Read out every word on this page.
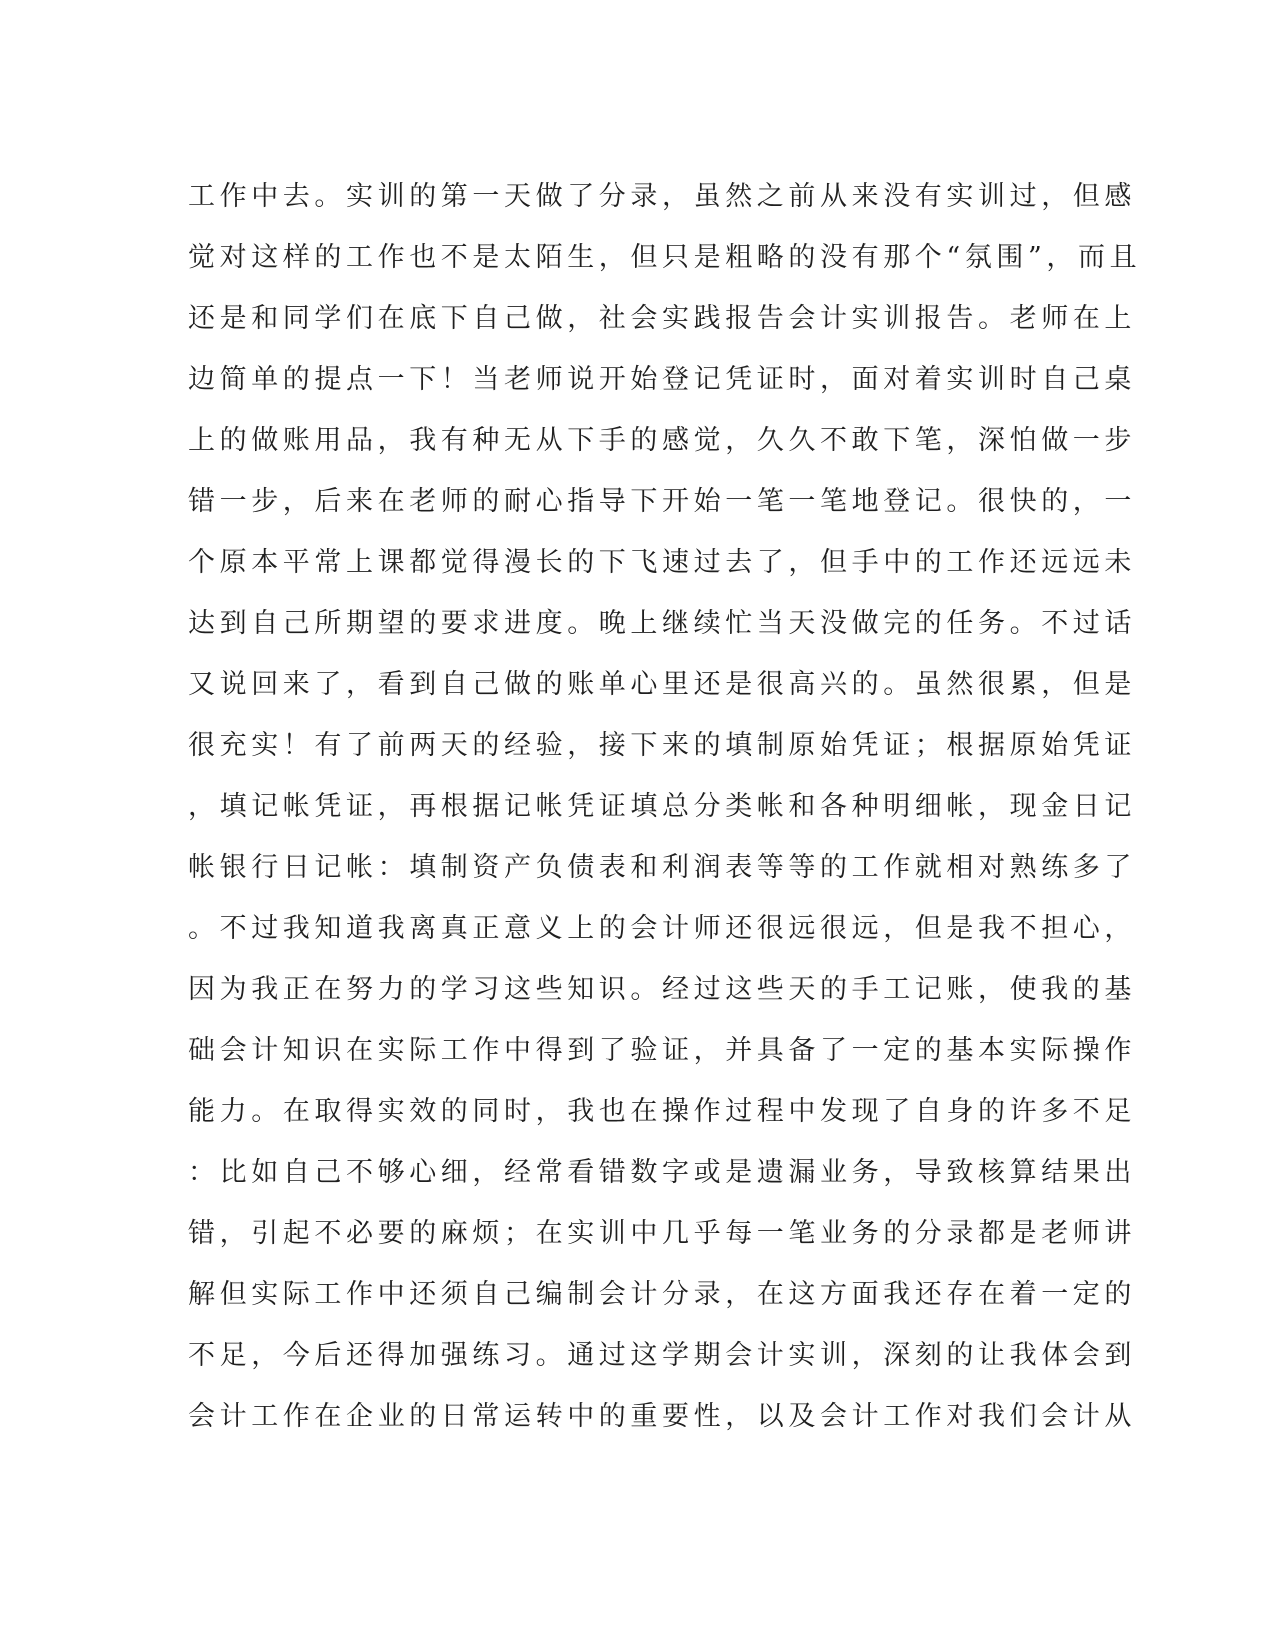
工作中去。实训的第一天做了分录，虽然之前从来没有实训过，但感
觉对这样的工作也不是太陌生，但只是粗略的没有那个“氛围”，而且
还是和同学们在底下自己做，社会实践报告会计实训报告。老师在上
边简单的提点一下！当老师说开始登记凭证时，面对着实训时自己桌
上的做账用品，我有种无从下手的感觉，久久不敢下笔，深怕做一步
错一步，后来在老师的耐心指导下开始一笔一笔地登记。很快的，一
个原本平常上课都觉得漫长的下飞速过去了，但手中的工作还远远未
达到自己所期望的要求进度。晚上继续忙当天没做完的任务。不过话
又说回来了，看到自己做的账单心里还是很高兴的。虽然很累，但是
很充实！有了前两天的经验，接下来的填制原始凭证；根据原始凭证
，填记帐凭证，再根据记帐凭证填总分类帐和各种明细帐，现金日记
帐银行日记帐：填制资产负债表和利润表等等的工作就相对熟练多了
。不过我知道我离真正意义上的会计师还很远很远，但是我不担心，
因为我正在努力的学习这些知识。经过这些天的手工记账，使我的基
础会计知识在实际工作中得到了验证，并具备了一定的基本实际操作
能力。在取得实效的同时，我也在操作过程中发现了自身的许多不足
：比如自己不够心细，经常看错数字或是遗漏业务，导致核算结果出
错，引起不必要的麻烦；在实训中几乎每一笔业务的分录都是老师讲
解但实际工作中还须自己编制会计分录，在这方面我还存在着一定的
不足，今后还得加强练习。通过这学期会计实训，深刻的让我体会到
会计工作在企业的日常运转中的重要性，以及会计工作对我们会计从
